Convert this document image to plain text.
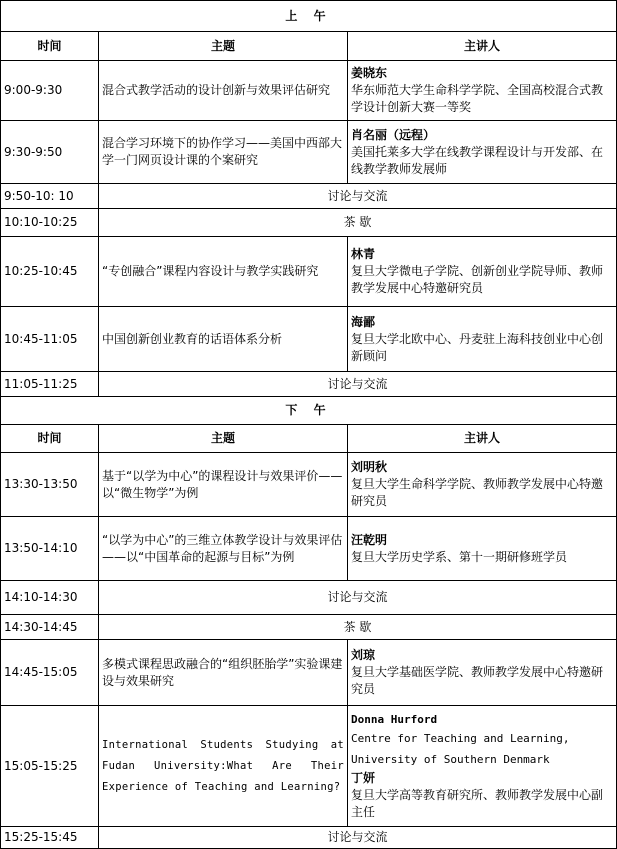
上 午		
时间	主题	主讲人
9:00-9:30	混合式教学活动的设计创新与效果评估研究	姜晓东
华东师范大学生命科学学院、全国高校混合式教学设计创新大赛一等奖

9:30-9:50	混合学习环境下的协作学习——美国中西部大学一门网页设计课的个案研究	肖名丽（远程）
美国托莱多大学在线教学课程设计与开发部、在线教学教师发展师

9:50-10: 10	讨论与交流	
10:10-10:25	茶 歇	
10:25-10:45	“专创融合”课程内容设计与教学实践研究	林青
复旦大学微电子学院、创新创业学院导师、教师教学发展中心特邀研究员

10:45-11:05	中国创新创业教育的话语体系分析	海鄙
复旦大学北欧中心、丹麦驻上海科技创业中心创新顾问

11:05-11:25	讨论与交流	
下 午		
时间	主题	主讲人
13:30-13:50	基于“以学为中心”的课程设计与效果评价——以“微生物学”为例	刘明秋
复旦大学生命科学学院、教师教学发展中心特邀研究员

13:50-14:10	“以学为中心”的三维立体教学设计与效果评估——以“中国革命的起源与目标”为例	汪乾明
复旦大学历史学系、第十一期研修班学员

14:10-14:30	讨论与交流	
14:30-14:45	茶 歇	
14:45-15:05	多模式课程思政融合的“组织胚胎学”实验课建设与效果研究	刘琼
复旦大学基础医学院、教师教学发展中心特邀研究员

15:05-15:25	International Students Studying at Fudan University:What Are Their Experience of Teaching and Learning?	Donna Hurford
Centre for Teaching and Learning, University of Southern Denmark
丁妍
复旦大学高等教育研究所、教师教学发展中心副主任

15:25-15:45	讨论与交流	
